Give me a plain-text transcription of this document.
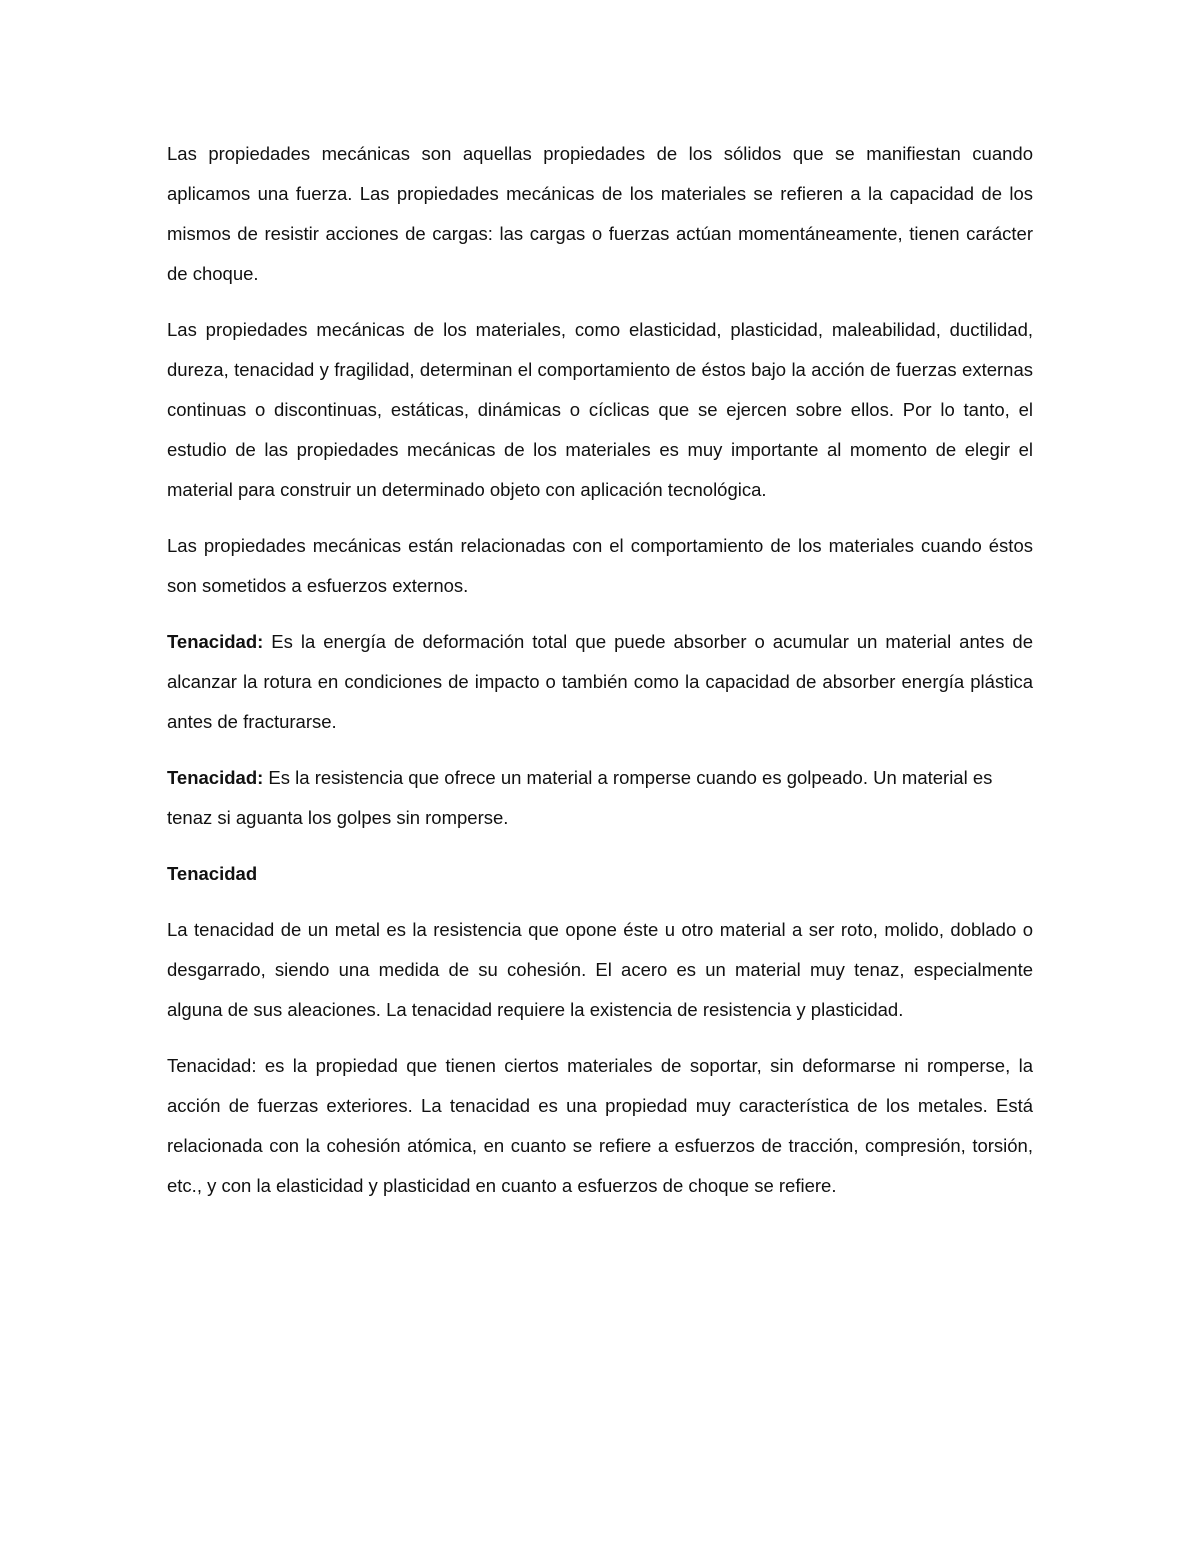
Las propiedades mecánicas son aquellas propiedades de los sólidos que se manifiestan cuando aplicamos una fuerza. Las propiedades mecánicas de los materiales se refieren a la capacidad de los mismos de resistir acciones de cargas: las cargas o fuerzas actúan momentáneamente, tienen carácter de choque.

Las propiedades mecánicas de los materiales, como elasticidad, plasticidad, maleabilidad, ductilidad, dureza, tenacidad y fragilidad, determinan el comportamiento de éstos bajo la acción de fuerzas externas continuas o discontinuas, estáticas, dinámicas o cíclicas que se ejercen sobre ellos. Por lo tanto, el estudio de las propiedades mecánicas de los materiales es muy importante al momento de elegir el material para construir un determinado objeto con aplicación tecnológica.

Las propiedades mecánicas están relacionadas con el comportamiento de los materiales cuando éstos son sometidos a esfuerzos externos.

Tenacidad: Es la energía de deformación total que puede absorber o acumular un material antes de alcanzar la rotura en condiciones de impacto o también como la capacidad de absorber energía plástica antes de fracturarse.

Tenacidad: Es la resistencia que ofrece un material a romperse cuando es golpeado. Un material es tenaz si aguanta los golpes sin romperse.

Tenacidad

La tenacidad de un metal es la resistencia que opone éste u otro material a ser roto, molido, doblado o desgarrado, siendo una medida de su cohesión. El acero es un material muy tenaz, especialmente alguna de sus aleaciones. La tenacidad requiere la existencia de resistencia y plasticidad.

Tenacidad: es la propiedad que tienen ciertos materiales de soportar, sin deformarse ni romperse, la acción de fuerzas exteriores. La tenacidad es una propiedad muy característica de los metales. Está relacionada con la cohesión atómica, en cuanto se refiere a esfuerzos de tracción, compresión, torsión, etc., y con la elasticidad y plasticidad en cuanto a esfuerzos de choque se refiere.
